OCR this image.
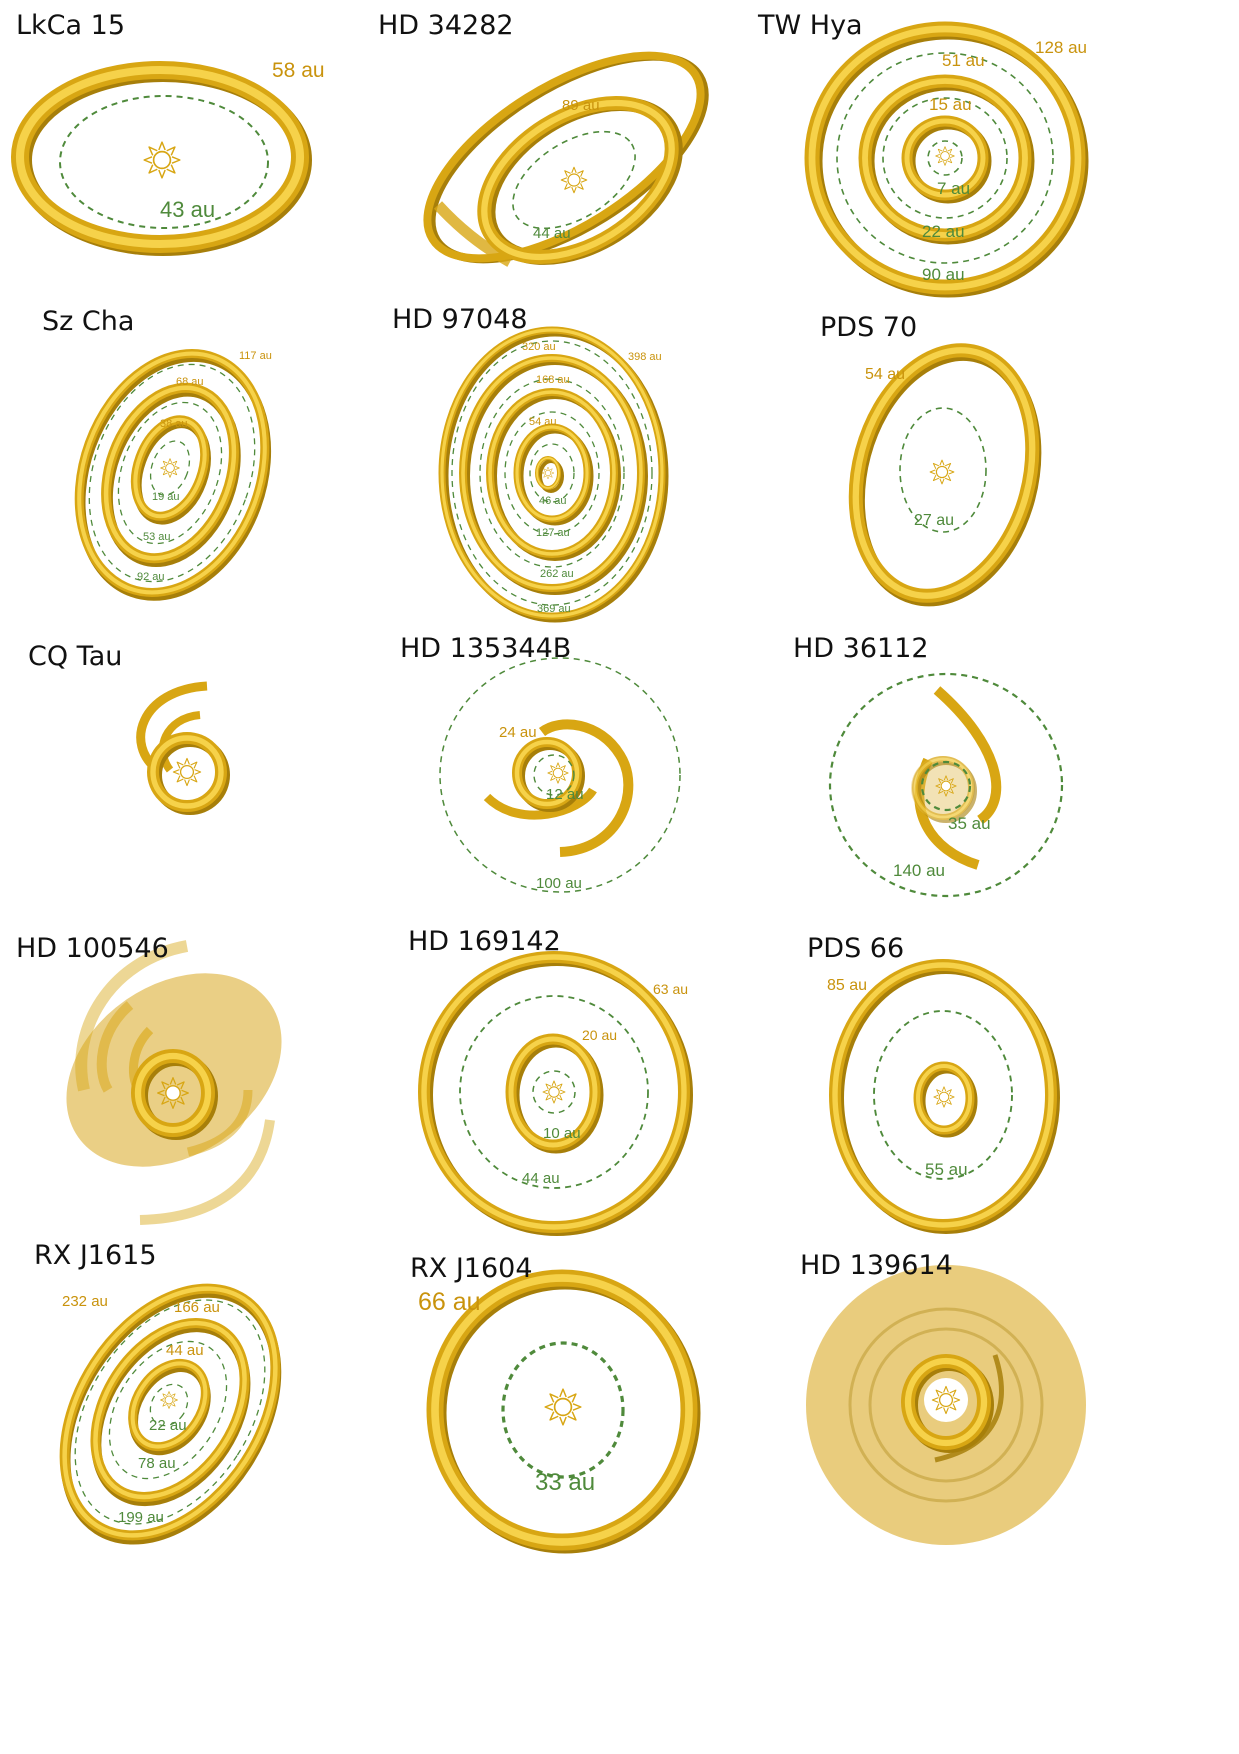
58 au
43 au
89 au
44 au
128 au
51 au
15 au
7 au
22 au
90 au
117 au
68 au
38 au
19 au
53 au
92 au
320 au
398 au
168 au
54 au
46 au
127 au
262 au
369 au
54 au
27 au
24 au
12 au
100 au
35 au
140 au
63 au
20 au
10 au
44 au
85 au
55 au
232 au	166 au
44 au
22 au
78 au
199 au
66 au
33 au
LkCa 15	HD 34282	TW Hya
Sz Cha	HD 97048	PDS 70
CQ Tau	HD 135344B	HD 36112
HD 100546	HD 169142	PDS 66
RX J1615	RX J1604	HD 139614
